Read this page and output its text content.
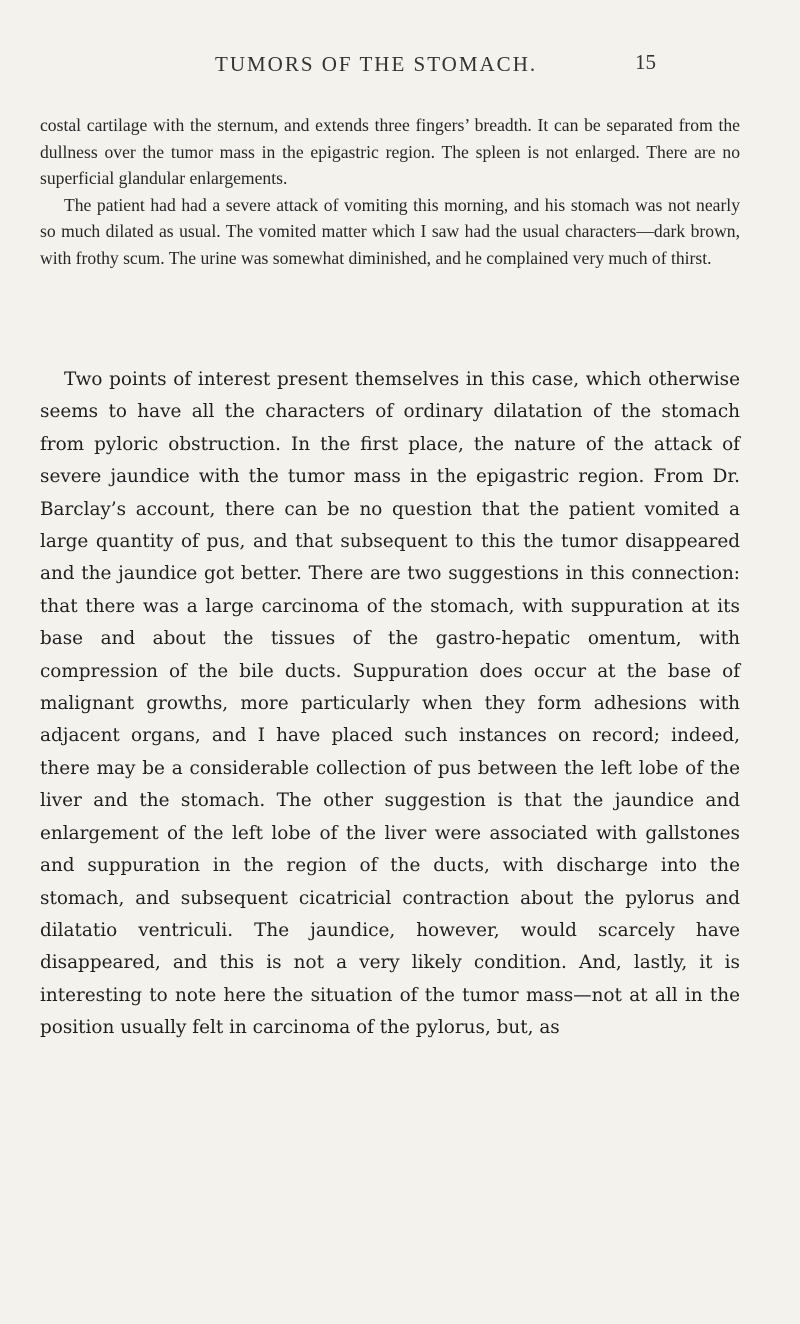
TUMORS OF THE STOMACH.	15

costal cartilage with the sternum, and extends three fingers’ breadth. It can be separated from the dullness over the tumor mass in the epigastric region. The spleen is not enlarged. There are no superficial glandular enlargements.

The patient had had a severe attack of vomiting this morning, and his stomach was not nearly so much dilated as usual. The vomited matter which I saw had the usual characters—dark brown, with frothy scum. The urine was somewhat diminished, and he complained very much of thirst.

Two points of interest present themselves in this case, which otherwise seems to have all the characters of ordinary dilatation of the stomach from pyloric obstruction. In the first place, the nature of the attack of severe jaundice with the tumor mass in the epigastric region. From Dr. Barclay’s account, there can be no question that the patient vomited a large quantity of pus, and that subsequent to this the tumor disappeared and the jaundice got better. There are two suggestions in this connection: that there was a large carcinoma of the stomach, with suppuration at its base and about the tissues of the gastro-hepatic omentum, with compression of the bile ducts. Suppuration does occur at the base of malignant growths, more particularly when they form adhesions with adjacent organs, and I have placed such instances on record; indeed, there may be a considerable collection of pus between the left lobe of the liver and the stomach. The other suggestion is that the jaundice and enlargement of the left lobe of the liver were associated with gallstones and suppuration in the region of the ducts, with discharge into the stomach, and subsequent cicatricial contraction about the pylorus and dilatatio ventriculi. The jaundice, however, would scarcely have disappeared, and this is not a very likely condition. And, lastly, it is interesting to note here the situation of the tumor mass—not at all in the position usually felt in carcinoma of the pylorus, but, as
